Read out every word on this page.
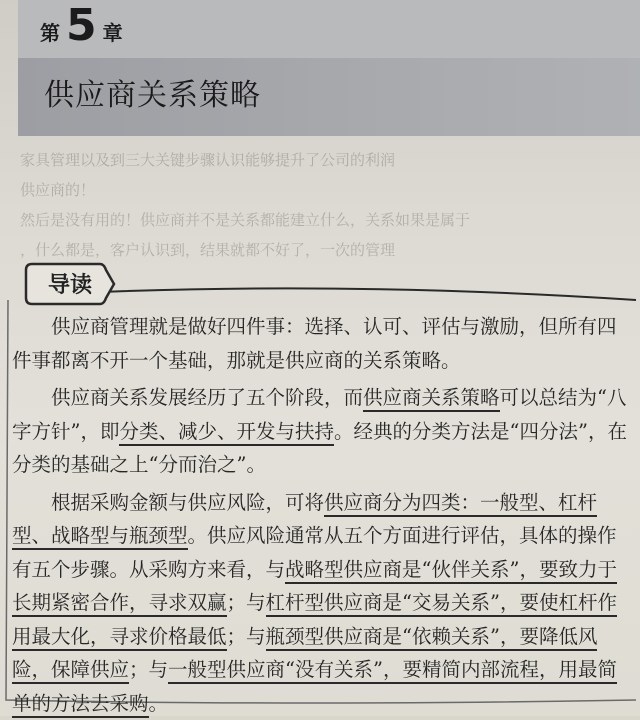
第 5 章
供应商关系策略
家具管理以及到三大关键步骤认识能够提升了公司的利润
供应商的！
然后是没有用的！供应商并不是关系都能建立什么，关系如果是属于
，什么都是，客户认识到，结果就都不好了，一次的管理
导读

供应商管理就是做好四件事：选择、认可、评估与激励，但所有四件事都离不开一个基础，那就是供应商的关系策略。

供应商关系发展经历了五个阶段，而供应商关系策略可以总结为“八字方针”，即分类、减少、开发与扶持。经典的分类方法是“四分法”，在分类的基础之上“分而治之”。

根据采购金额与供应风险，可将供应商分为四类：一般型、杠杆型、战略型与瓶颈型。供应风险通常从五个方面进行评估，具体的操作有五个步骤。从采购方来看，与战略型供应商是“伙伴关系”，要致力于长期紧密合作，寻求双赢；与杠杆型供应商是“交易关系”，要使杠杆作用最大化，寻求价格最低；与瓶颈型供应商是“依赖关系”，要降低风险，保障供应；与一般型供应商“没有关系”，要精简内部流程，用最简单的方法去采购。
